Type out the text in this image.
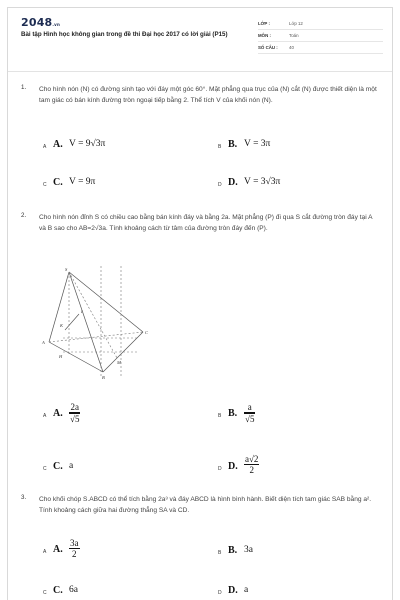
2048.vn
Bài tập Hình học không gian trong đề thi Đại học 2017 có lời giải (P15)
LỚP :	Lớp 12
MÔN :	Toán
SỐ CÂU :	40
1. Cho hình nón (N) có đường sinh tạo với đáy một góc 60°. Mặt phẳng qua trục của (N) cắt (N) được thiết diện là một tam giác có bán kính đường tròn ngoại tiếp bằng 2. Thể tích V của khối nón (N).
A A. V = 9√3π	B B. V = 3π
C C. V = 9π	D D. V = 3√3π
2. Cho hình nón đỉnh S có chiều cao bằng bán kính đáy và bằng 2a. Mặt phẳng (P) đi qua S cắt đường tròn đáy tại A và B sao cho AB=2√3a. Tính khoảng cách từ tâm của đường tròn đáy đến (P).
S
A
B
C
H
K
I
M
A A. $\frac{2a}{√5}$	B B. $\frac{a}{√5}$
C C. a	D D. $\frac{a√2}{2}$
3. Cho khối chóp S.ABCD có thể tích bằng 2a³ và đáy ABCD là hình bình hành. Biết diện tích tam giác SAB bằng a². Tính khoảng cách giữa hai đường thẳng SA và CD.
A A. $\frac{3a}{2}$	B B. 3a
C C. 6a	D D. a
